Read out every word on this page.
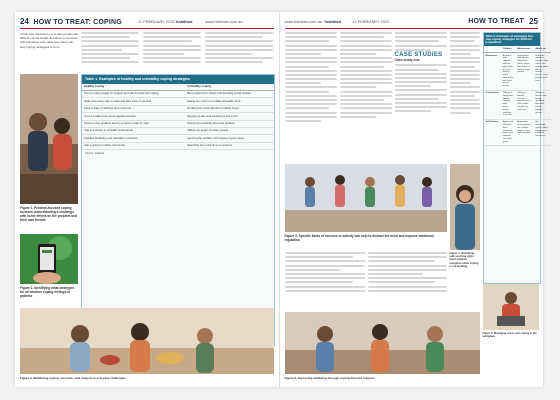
24 HOW TO TREAT: COPING	11 FEBRUARY 2022 healthed	www.hdnews.com.au
I think how important it is to ask people with difficult mental health disorders to introduce with behaviour and make sure there will help coping strategies to form.
Figure 1. Problem-focused coping involves understanding a challenge with lower efforts on the problem and their own friends
Figure 2. Identifying what strategies for all emotion coping feelings of patients
Table 1. Examples of healthy and unhealthy coping strategies
Healthy coping	Unhealthy coping
Turn to other people for support and ask for help with coping	Being apart from others and avoiding social contact
Make time every day to relax and take care of yourself	Eating too much or too little unhealthy food
Keep a diary of feelings and concerns	Drinking too much alcohol or taking drugs
Go for a walk or do some regular exercise	Staying up late and sleeping in too much
Focus on the problem and try to solve it step by step	Worrying constantly about the problem
Talk to a doctor or a health professional	Taking out anger on other people
Practise breathing and relaxation exercises	Ignoring the problem and hoping it goes away
Join a group or online community	Spending too much time on screens
Source: adapted
Figure 3. Mobilising coping resources and support in everyday challenges
www.hdnews.com.au healthed	11 FEBRUARY 2022	HOW TO TREAT 25
CASE STUDIES
Case study one
Table 2. Examples of managing four-step coping strategies for different populations
	Children	Adolescents	Adults etc
Behaviours	Activities with support and fun play; letter for each feeling word; write down and read; parent praise	Spend time with friends; help make plans; sports and physical activity; keep a diary	Schedule activities; exercise and relax; time management; talk to a trusted person; seek professional help
Connections	Talking to family and friends; engage with peers; group activities at school	Talking to friends; sharing worries; join a club; online community with care	Talking to friends and family; spending time with partner; support groups
Self-efficacy	Appreciate what has been achieved; praise and rewards; set small goals	Appreciate achievements; set realistic targets; learn from mistakes	Set achievable goals; reflect on progress; celebrate successes
Figure 3. Specific kinds of exercise or activity can help to distract the mind and improve emotional regulation
Figure 4. Identifying early warning signs helps patients recognise when coping is not working
Figure 5. Managing stress and coping in the workplace
Figure 6. Improving wellbeing through coping-focused support
